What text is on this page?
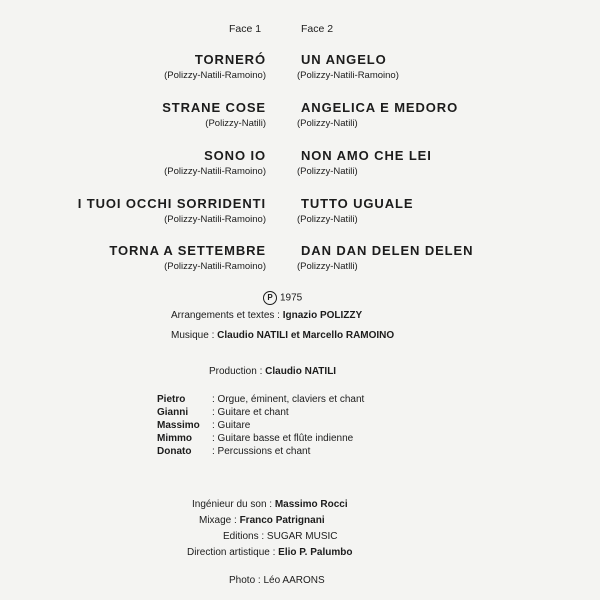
Face 1	Face 2
TORNERÓ
(Polizzy-Natili-Ramoino)
STRANE COSE
(Polizzy-Natili)
SONO IO
(Polizzy-Natili-Ramoino)
I TUOI OCCHI SORRIDENTI
(Polizzy-Natili-Ramoino)
TORNA A SETTEMBRE
(Polizzy-Natili-Ramoino)
UN ANGELO
(Polizzy-Natili-Ramoino)
ANGELICA E MEDORO
(Polizzy-Natili)
NON AMO CHE LEI
(Polizzy-Natili)
TUTTO UGUALE
(Polizzy-Natili)
DAN DAN DELEN DELEN
(Polizzy-Natlli)
P 1975
Arrangements et textes : Ignazio POLIZZY
Musique : Claudio NATILI et Marcello RAMOINO
Production : Claudio NATILI
Pietro	: Orgue, éminent, claviers et chant
Gianni : Guitare et chant
Massimo : Guitare
Mimmo : Guitare basse et flûte indienne
Donato : Percussions et chant
Ingénieur du son : Massimo Rocci
Mixage : Franco Patrignani
Editions : SUGAR MUSIC
Direction artistique : Elio P. Palumbo
Photo : Léo AARONS
